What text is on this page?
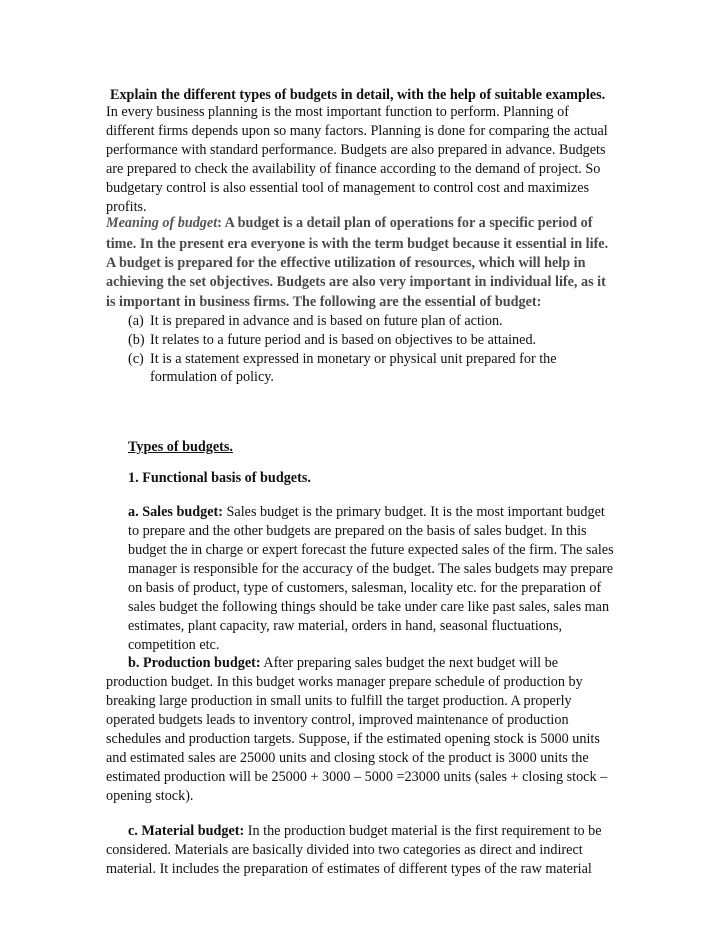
Explain the different types of budgets in detail, with the help of suitable examples.
In every business planning is the most important function to perform. Planning of
different firms depends upon so many factors. Planning is done for comparing the actual
performance with standard performance. Budgets are also prepared in advance. Budgets
are prepared to check the availability of finance according to the demand of project. So
budgetary control is also essential tool of management to control cost and maximizes
profits.
Meaning of budget: A budget is a detail plan of operations for a specific period of
time. In the present era everyone is with the term budget because it essential in life.
A budget is prepared for the effective utilization of resources, which will help in
achieving the set objectives. Budgets are also very important in individual life, as it
is important in business firms. The following are the essential of budget:
(a) It is prepared in advance and is based on future plan of action.
(b) It relates to a future period and is based on objectives to be attained.
(c) It is a statement expressed in monetary or physical unit prepared for the
formulation of policy.
Types of budgets.
1. Functional basis of budgets.
a. Sales budget: Sales budget is the primary budget. It is the most important budget
to prepare and the other budgets are prepared on the basis of sales budget. In this
budget the in charge or expert forecast the future expected sales of the firm. The sales
manager is responsible for the accuracy of the budget. The sales budgets may prepare
on basis of product, type of customers, salesman, locality etc. for the preparation of
sales budget the following things should be take under care like past sales, sales man
estimates, plant capacity, raw material, orders in hand, seasonal fluctuations,
competition etc.
b. Production budget: After preparing sales budget the next budget will be
production budget. In this budget works manager prepare schedule of production by
breaking large production in small units to fulfill the target production. A properly
operated budgets leads to inventory control, improved maintenance of production
schedules and production targets. Suppose, if the estimated opening stock is 5000 units
and estimated sales are 25000 units and closing stock of the product is 3000 units the
estimated production will be 25000 + 3000 – 5000 =23000 units (sales + closing stock –
opening stock).
c. Material budget: In the production budget material is the first requirement to be
considered. Materials are basically divided into two categories as direct and indirect
material. It includes the preparation of estimates of different types of the raw material
